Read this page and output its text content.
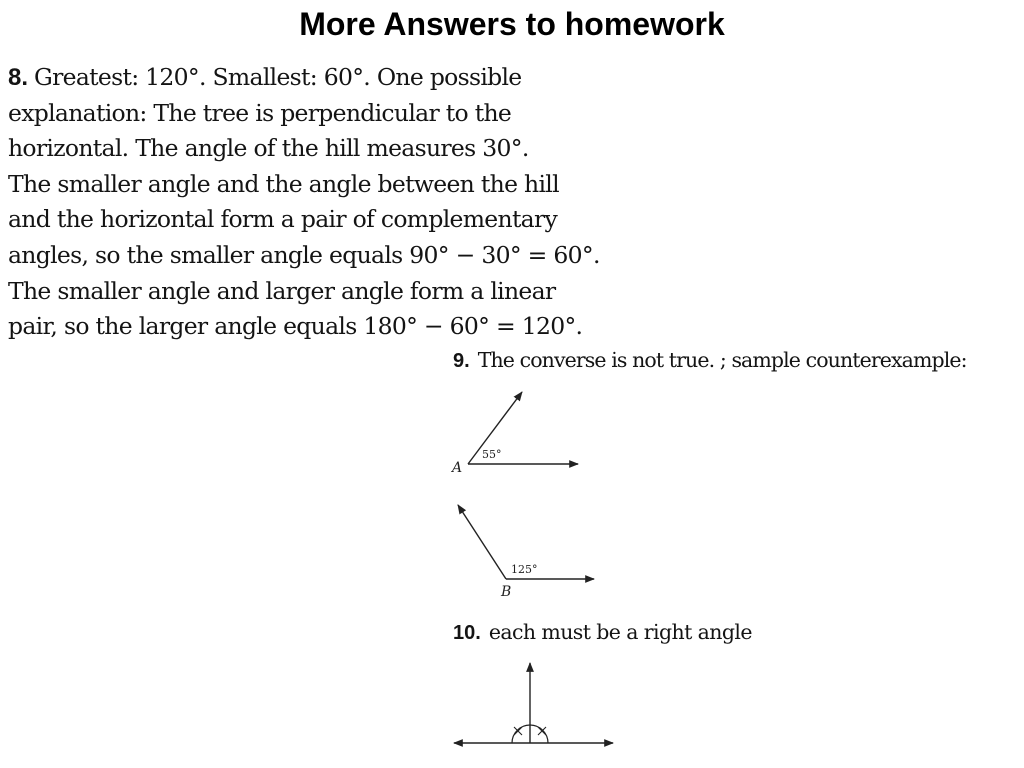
More Answers to homework
8. Greatest: 120°. Smallest: 60°. One possible
explanation: The tree is perpendicular to the
horizontal. The angle of the hill measures 30°.
The smaller angle and the angle between the hill
and the horizontal form a pair of complementary
angles, so the smaller angle equals 90° − 30° = 60°.
The smaller angle and larger angle form a linear
pair, so the larger angle equals 180° − 60° = 120°.
9. The converse is not true. ; sample counterexample:
55°
A
125°
B
10. each must be a right angle
